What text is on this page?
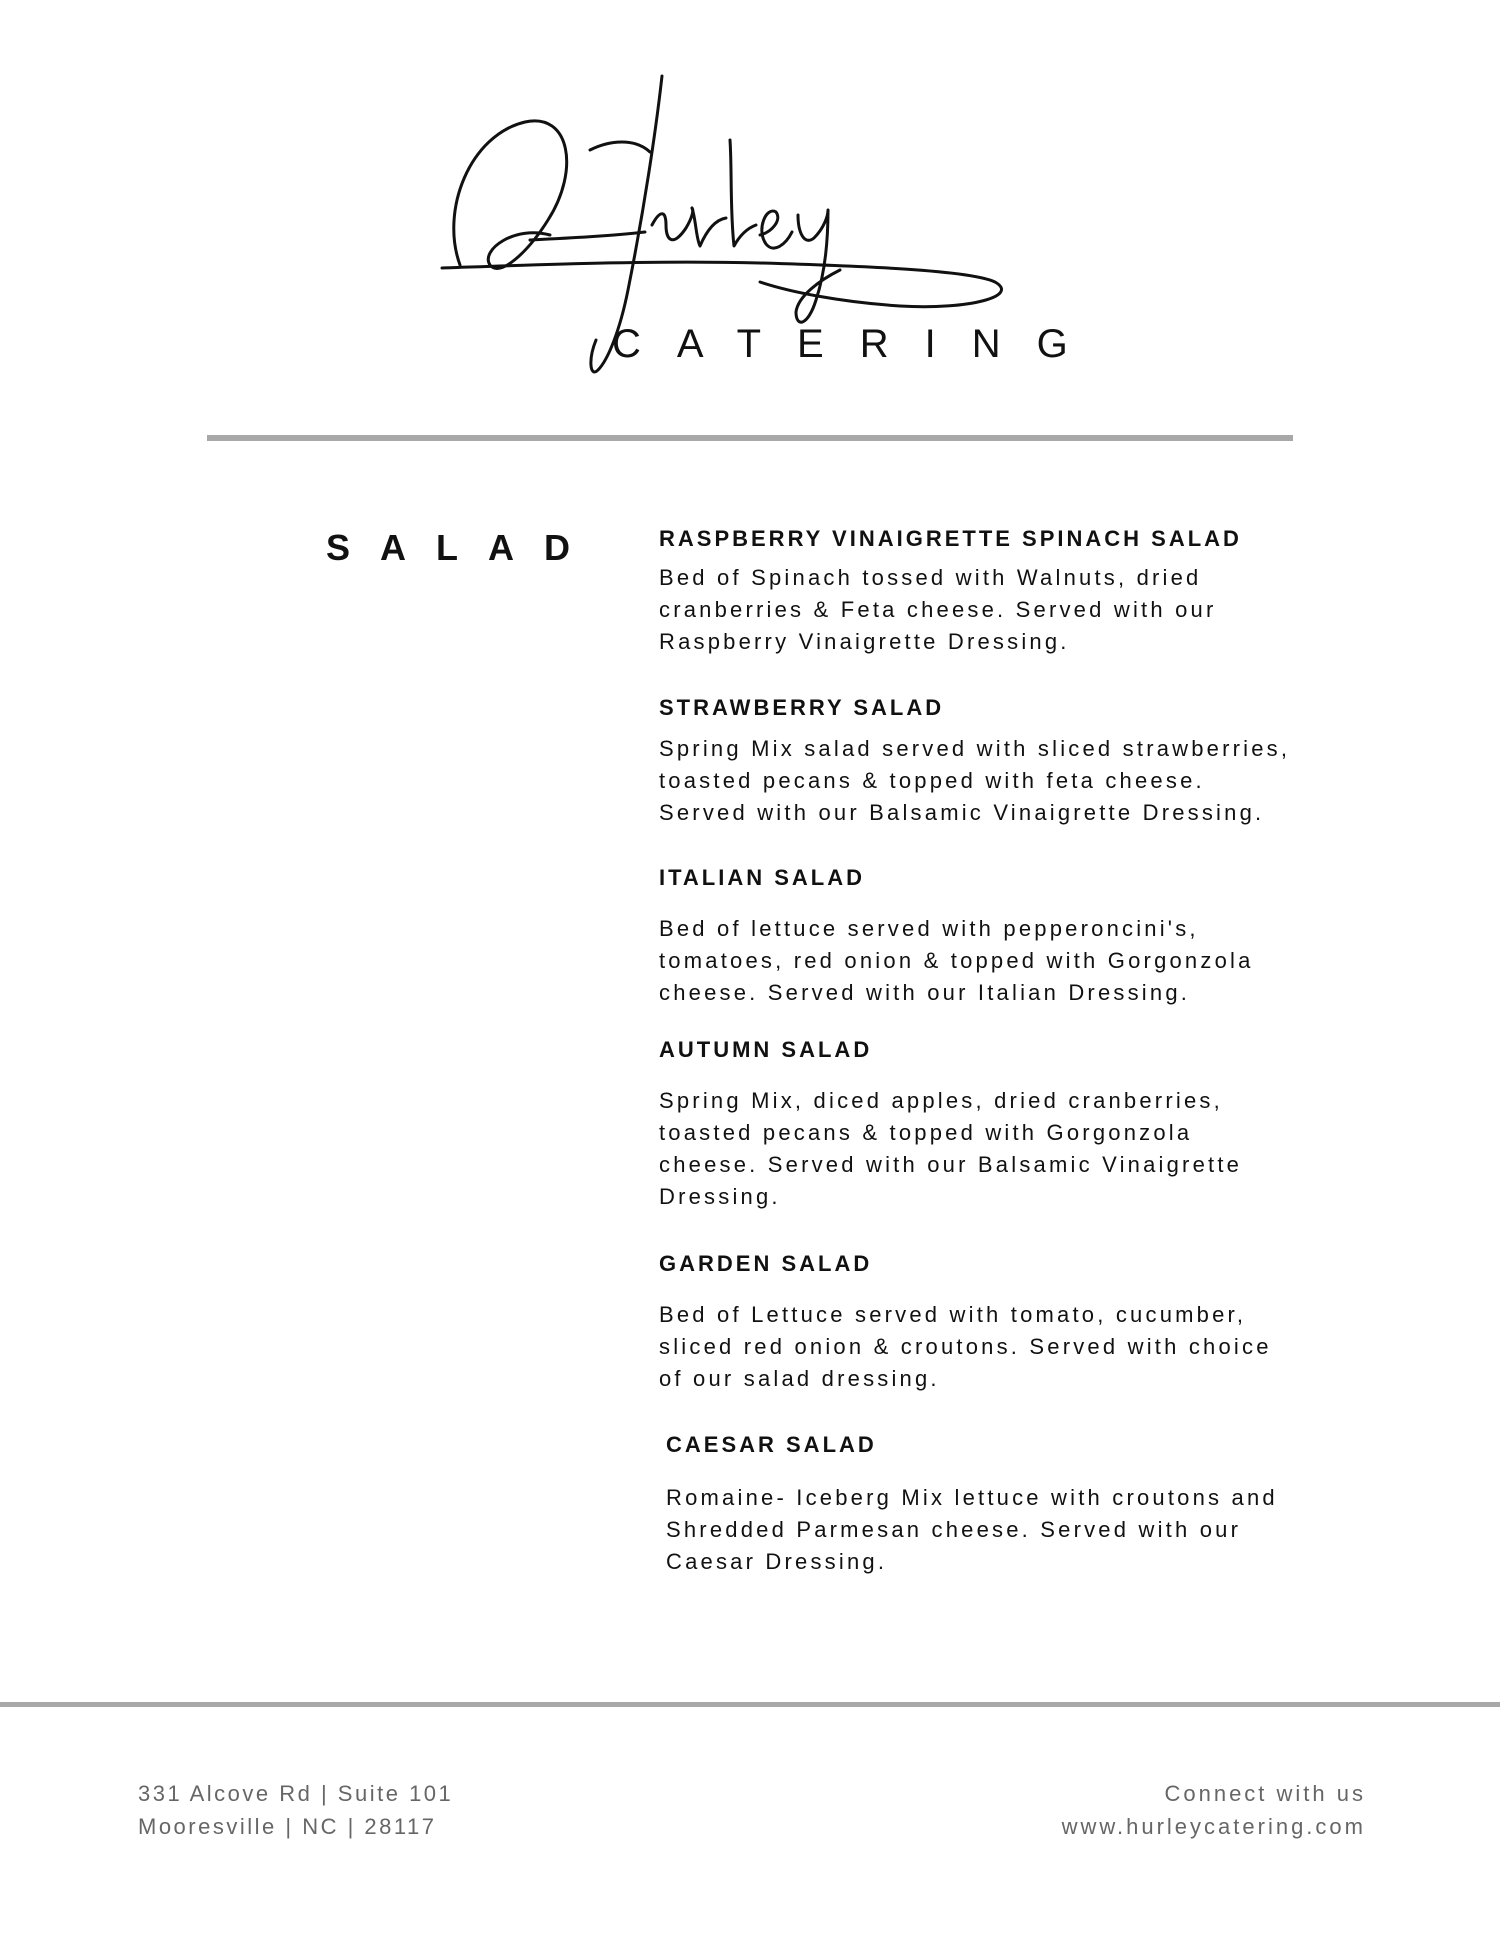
CATERING
SALAD	RASPBERRY VINAIGRETTE SPINACH SALAD
Bed of Spinach tossed with Walnuts, dried
cranberries & Feta cheese. Served with our
Raspberry Vinaigrette Dressing.
STRAWBERRY SALAD
Spring Mix salad served with sliced strawberries,
toasted pecans & topped with feta cheese.
Served with our Balsamic Vinaigrette Dressing.
ITALIAN SALAD
Bed of lettuce served with pepperoncini's,
tomatoes, red onion & topped with Gorgonzola
cheese. Served with our Italian Dressing.
AUTUMN SALAD
Spring Mix, diced apples, dried cranberries,
toasted pecans & topped with Gorgonzola
cheese. Served with our Balsamic Vinaigrette
Dressing.
GARDEN SALAD
Bed of Lettuce served with tomato, cucumber,
sliced red onion & croutons. Served with choice
of our salad dressing.
CAESAR SALAD
Romaine- Iceberg Mix lettuce with croutons and
Shredded Parmesan cheese. Served with our
Caesar Dressing.
331 Alcove Rd | Suite 101
Mooresville | NC | 28117
Connect with us
www.hurleycatering.com
